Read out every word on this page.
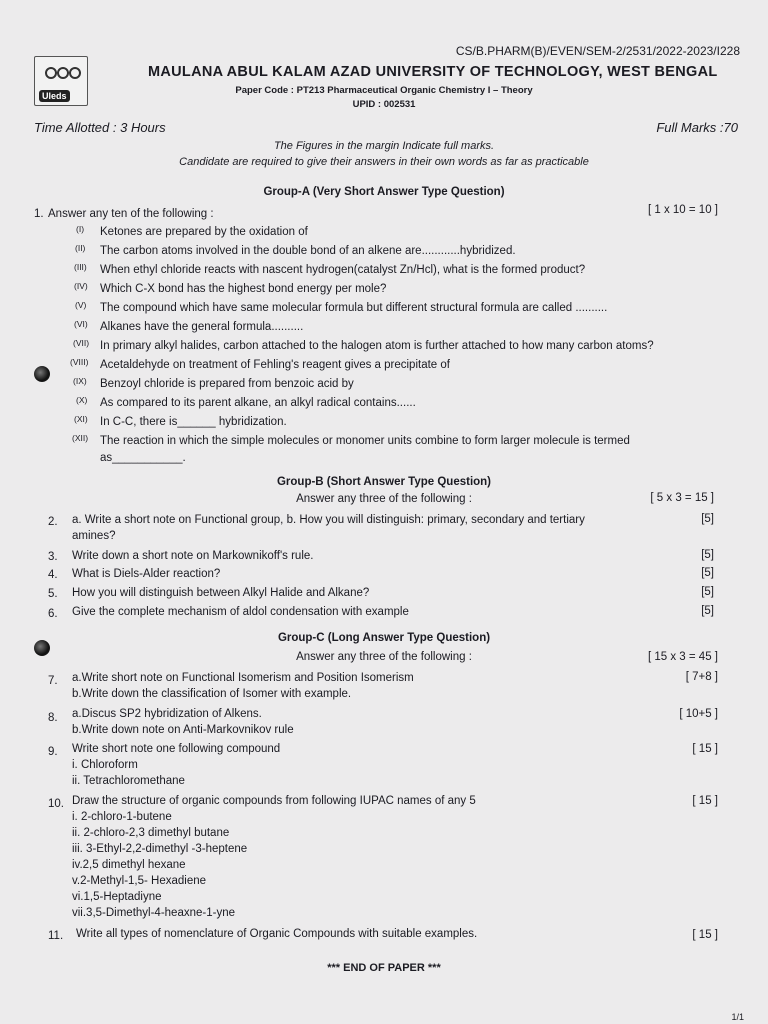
CS/B.PHARM(B)/EVEN/SEM-2/2531/2022-2023/I228
Uleds
MAULANA ABUL KALAM AZAD UNIVERSITY OF TECHNOLOGY, WEST BENGAL
Paper Code : PT213 Pharmaceutical Organic Chemistry I – Theory
UPID : 002531
Time Allotted : 3 Hours	Full Marks :70
The Figures in the margin Indicate full marks.
Candidate are required to give their answers in their own words as far as practicable
Group-A (Very Short Answer Type Question)
1. Answer any ten of the following :	[ 1 x 10 = 10 ]
(I) Ketones are prepared by the oxidation of
(II) The carbon atoms involved in the double bond of an alkene are............hybridized.
(III) When ethyl chloride reacts with nascent hydrogen(catalyst Zn/Hcl), what is the formed product?
(IV) Which C-X bond has the highest bond energy per mole?
(V) The compound which have same molecular formula but different structural formula are called ..........
(VI) Alkanes have the general formula..........
(VII) In primary alkyl halides, carbon attached to the halogen atom is further attached to how many carbon atoms?
(VIII) Acetaldehyde on treatment of Fehling's reagent gives a precipitate of
(IX) Benzoyl chloride is prepared from benzoic acid by
(X) As compared to its parent alkane, an alkyl radical contains......
(XI) In C-C, there is______ hybridization.
(XII) The reaction in which the simple molecules or monomer units combine to form larger molecule is termed
as___________.
Group-B (Short Answer Type Question)
Answer any three of the following :	[ 5 x 3 = 15 ]
2. a. Write a short note on Functional group, b. How you will distinguish: primary, secondary and tertiary	[5]
amines?
3. Write down a short note on Markownikoff's rule.	[5]
4. What is Diels-Alder reaction?	[5]
5. How you will distinguish between Alkyl Halide and Alkane?	[5]
6. Give the complete mechanism of aldol condensation with example	[5]
Group-C (Long Answer Type Question)
Answer any three of the following :	[ 15 x 3 = 45 ]
7. a.Write short note on Functional Isomerism and Position Isomerism	[ 7+8 ]
b.Write down the classification of Isomer with example.
8. a.Discus SP2 hybridization of Alkens.	[ 10+5 ]
b.Write down note on Anti-Markovnikov rule
9. Write short note one following compound	[ 15 ]
i. Chloroform
ii. Tetrachloromethane
10. Draw the structure of organic compounds from following IUPAC names of any 5	[ 15 ]
i. 2-chloro-1-butene
ii. 2-chloro-2,3 dimethyl butane
iii. 3-Ethyl-2,2-dimethyl -3-heptene
iv.2,5 dimethyl hexane
v.2-Methyl-1,5- Hexadiene
vi.1,5-Heptadiyne
vii.3,5-Dimethyl-4-heaxne-1-yne
11. Write all types of nomenclature of Organic Compounds with suitable examples.	[ 15 ]
*** END OF PAPER ***
1/1
